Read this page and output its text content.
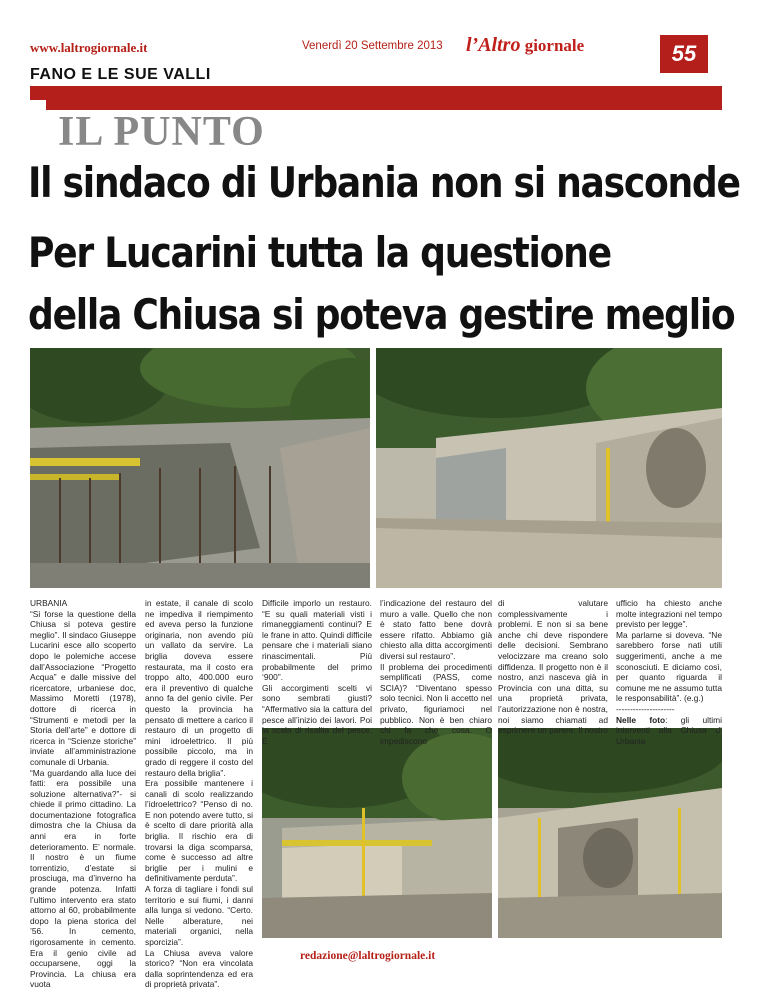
www.laltrogiornale.it	Venerdì 20 Settembre 2013 l’Altro giornale	55
FANO E LE SUE VALLI
IL PUNTO
Il sindaco di Urbania non si nasconde
Per Lucarini tutta la questione
della Chiusa si poteva gestire meglio
URBANIA
“Si forse la questione della Chiusa si poteva gestire meglio”. Il sindaco Giuseppe Lucarini esce allo scoperto dopo le polemiche accese dall’Associazione “Progetto Acqua” e dalle missive del ricercatore, urbaniese doc, Massimo Moretti (1978), dottore di ricerca in “Strumenti e metodi per la Storia dell’arte” e dottore di ricerca in “Scienze storiche” inviate all’amministrazione comunale di Urbania.
“Ma guardando alla luce dei fatti: era possibile una soluzione alternativa?”- si chiede il primo cittadino. La documentazione fotografica dimostra che la Chiusa da anni era in forte deterioramento. E’ normale. Il nostro è un fiume torrentizio, d’estate si prosciuga, ma d’inverno ha grande potenza. Infatti l’ultimo intervento era stato attorno al 60, probabilmente dopo la piena storica del ’56. In cemento, rigorosamente in cemento. Era il genio civile ad occuparsene, oggi la Provincia. La chiusa era vuota
in estate, il canale di scolo ne impediva il riempimento ed aveva perso la funzione originaria, non avendo più un vallato da servire. La briglia doveva essere restaurata, ma il costo era troppo alto, 400.000 euro era il preventivo di qualche anno fa del genio civile. Per questo la provincia ha pensato di mettere a carico il restauro di un progetto di mini idroelettrico. Il più possibile piccolo, ma in grado di reggere il costo del restauro della briglia”.
Era possibile mantenere i canali di scolo realizzando l’idroelettrico? “Penso di no. E non potendo avere tutto, si è scelto di dare priorità alla briglia. Il rischio era di trovarsi la diga scomparsa, come è successo ad altre briglie per i mulini e definitivamente perduta”.
A forza di tagliare i fondi sul territorio e sui fiumi, i danni alla lunga si vedono. “Certo. Nelle alberature, nei materiali organici, nella sporcizia”.
La Chiusa aveva valore storico? “Non era vincolata dalla soprintendenza ed era di proprietà privata”.
Difficile imporlo un restauro. “E su quali materiali visti i rimaneggiamenti continui? E le frane in atto. Quindi difficile pensare che i materiali siano rinascimentali. Più probabilmente del primo ‘900”.
Gli accorgimenti scelti vi sono sembrati giusti? “Affermativo sia la cattura del pesce all’inizio dei lavori. Poi la scala di risalita del pesce. E
l’indicazione del restauro del muro a valle. Quello che non è stato fatto bene dovrà essere rifatto. Abbiamo già chiesto alla ditta accorgimenti diversi sul restauro”.
Il problema dei procedimenti semplificati (PASS, come SCIA)? “Diventano spesso solo tecnici. Non li accetto nel privato, figuriamoci nel pubblico. Non è ben chiaro chi fa che cosa. O impediscono
di valutare complessivamente i problemi. E non si sa bene anche chi deve rispondere delle decisioni. Sembrano velocizzare ma creano solo diffidenza. Il progetto non è il nostro, anzi nasceva già in Provincia con una ditta, su una proprietà privata, l’autorizzazione non è nostra, noi siamo chiamati ad esprimere un parere. Il nostro
ufficio ha chiesto anche molte integrazioni nel tempo previsto per legge”.
Ma parlarne si doveva. “Ne sarebbero forse nati utili suggerimenti, anche a me sconosciuti. E diciamo così, per quanto riguarda il comune me ne assumo tutta le responsabilità”. (e.g.)
---------------------
Nelle foto: gli ultimi interventi alla Chiusa di Urbania
redazione@laltrogiornale.it
